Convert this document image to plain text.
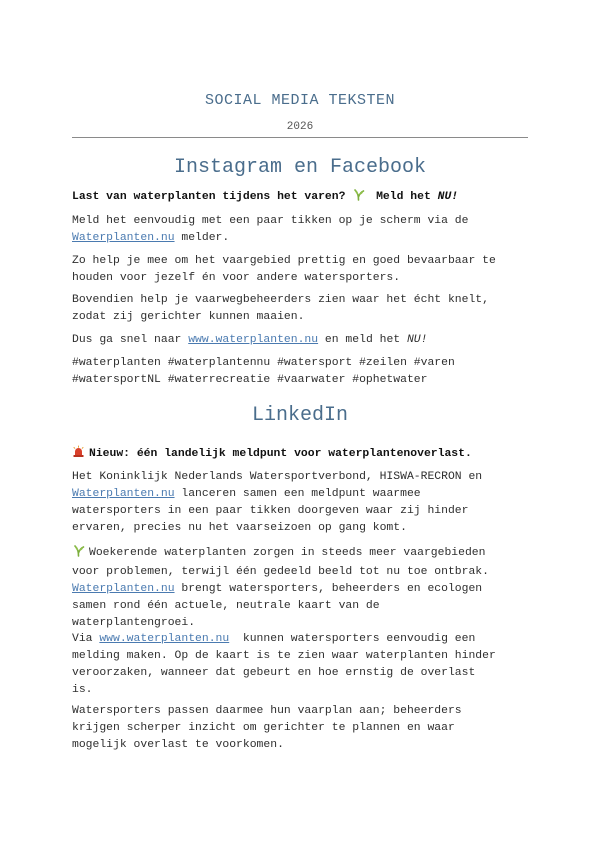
SOCIAL MEDIA TEKSTEN
2026
Instagram en Facebook
Last van waterplanten tijdens het varen?  Meld het NU!
Meld het eenvoudig met een paar tikken op je scherm via de
Waterplanten.nu melder.
Zo help je mee om het vaargebied prettig en goed bevaarbaar te
houden voor jezelf én voor andere watersporters.
Bovendien help je vaarwegbeheerders zien waar het écht knelt,
zodat zij gerichter kunnen maaien.
Dus ga snel naar www.waterplanten.nu en meld het NU!
#waterplanten #waterplantennu #watersport #zeilen #varen
#watersportNL #waterrecreatie #vaarwater #ophetwater
LinkedIn
Nieuw: één landelijk meldpunt voor waterplantenoverlast.
Het Koninklijk Nederlands Watersportverbond, HISWA-RECRON en
Waterplanten.nu lanceren samen een meldpunt waarmee
watersporters in een paar tikken doorgeven waar zij hinder
ervaren, precies nu het vaarseizoen op gang komt.
Woekerende waterplanten zorgen in steeds meer vaargebieden
voor problemen, terwijl één gedeeld beeld tot nu toe ontbrak.
Waterplanten.nu brengt watersporters, beheerders en ecologen
samen rond één actuele, neutrale kaart van de
waterplantengroei.
Via www.waterplanten.nu  kunnen watersporters eenvoudig een
melding maken. Op de kaart is te zien waar waterplanten hinder
veroorzaken, wanneer dat gebeurt en hoe ernstig de overlast
is.
Watersporters passen daarmee hun vaarplan aan; beheerders
krijgen scherper inzicht om gerichter te plannen en waar
mogelijk overlast te voorkomen.
